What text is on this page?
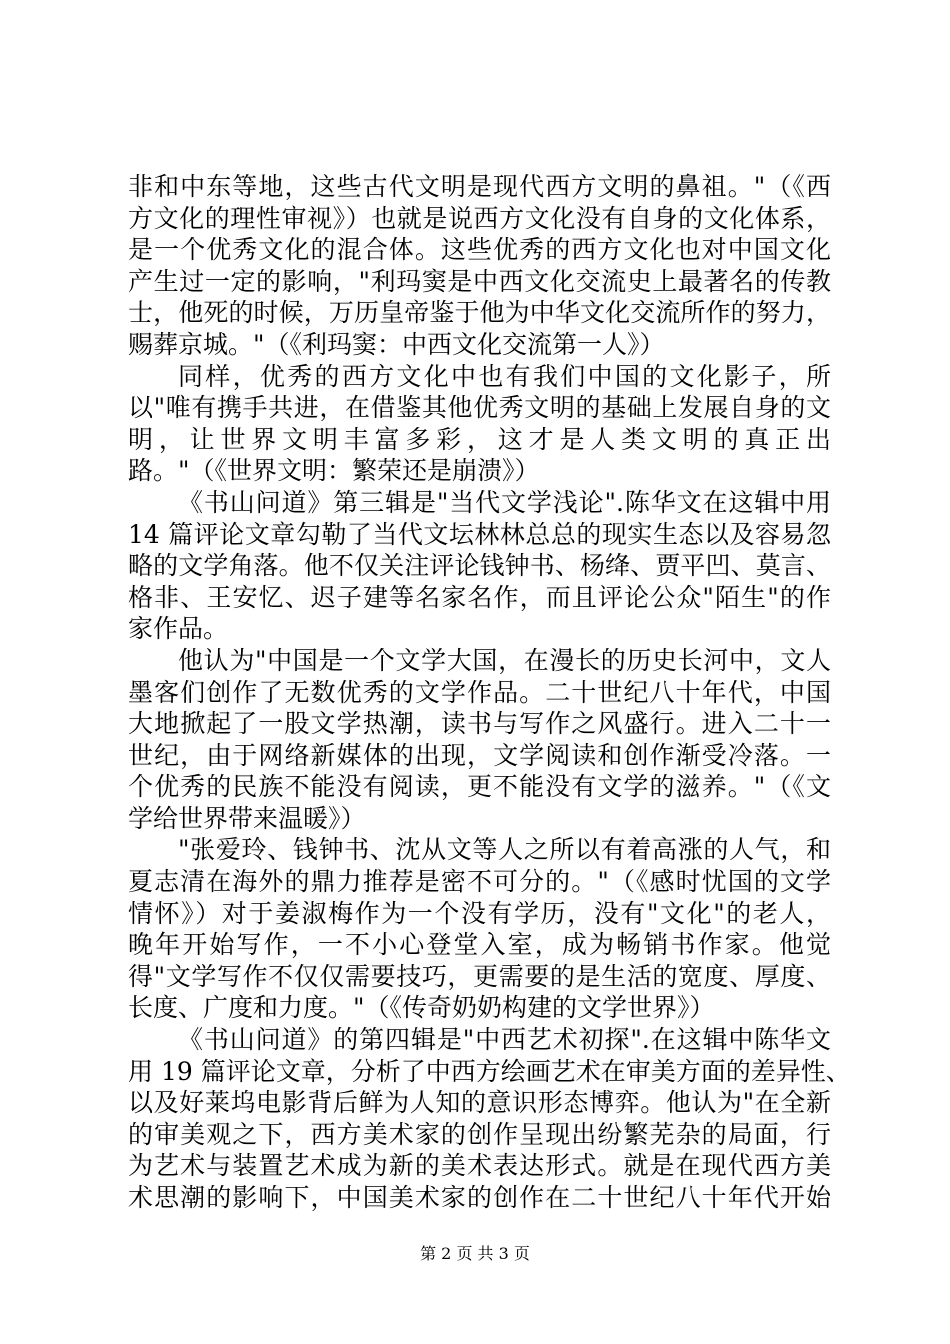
非和中东等地，这些古代文明是现代西方文明的鼻祖。"（《西
方文化的理性审视》）也就是说西方文化没有自身的文化体系，
是一个优秀文化的混合体。这些优秀的西方文化也对中国文化
产生过一定的影响，"利玛窦是中西文化交流史上最著名的传教
士，他死的时候，万历皇帝鉴于他为中华文化交流所作的努力，
赐葬京城。"（《利玛窦：中西文化交流第一人》）
同样，优秀的西方文化中也有我们中国的文化影子，所
以"唯有携手共进，在借鉴其他优秀文明的基础上发展自身的文
明，让世界文明丰富多彩，这才是人类文明的真正出
路。"（《世界文明：繁荣还是崩溃》）
《书山问道》第三辑是"当代文学浅论".陈华文在这辑中用
14 篇评论文章勾勒了当代文坛林林总总的现实生态以及容易忽
略的文学角落。他不仅关注评论钱钟书、杨绛、贾平凹、莫言、
格非、王安忆、迟子建等名家名作，而且评论公众"陌生"的作
家作品。
他认为"中国是一个文学大国，在漫长的历史长河中，文人
墨客们创作了无数优秀的文学作品。二十世纪八十年代，中国
大地掀起了一股文学热潮，读书与写作之风盛行。进入二十一
世纪，由于网络新媒体的出现，文学阅读和创作渐受冷落。一
个优秀的民族不能没有阅读，更不能没有文学的滋养。"（《文
学给世界带来温暖》）
"张爱玲、钱钟书、沈从文等人之所以有着高涨的人气，和
夏志清在海外的鼎力推荐是密不可分的。"（《感时忧国的文学
情怀》）对于姜淑梅作为一个没有学历，没有"文化"的老人，
晚年开始写作，一不小心登堂入室，成为畅销书作家。他觉
得"文学写作不仅仅需要技巧，更需要的是生活的宽度、厚度、
长度、广度和力度。"（《传奇奶奶构建的文学世界》）
《书山问道》的第四辑是"中西艺术初探".在这辑中陈华文
用 19 篇评论文章，分析了中西方绘画艺术在审美方面的差异性、
以及好莱坞电影背后鲜为人知的意识形态博弈。他认为"在全新
的审美观之下，西方美术家的创作呈现出纷繁芜杂的局面，行
为艺术与装置艺术成为新的美术表达形式。就是在现代西方美
术思潮的影响下，中国美术家的创作在二十世纪八十年代开始
第 2 页 共 3 页
